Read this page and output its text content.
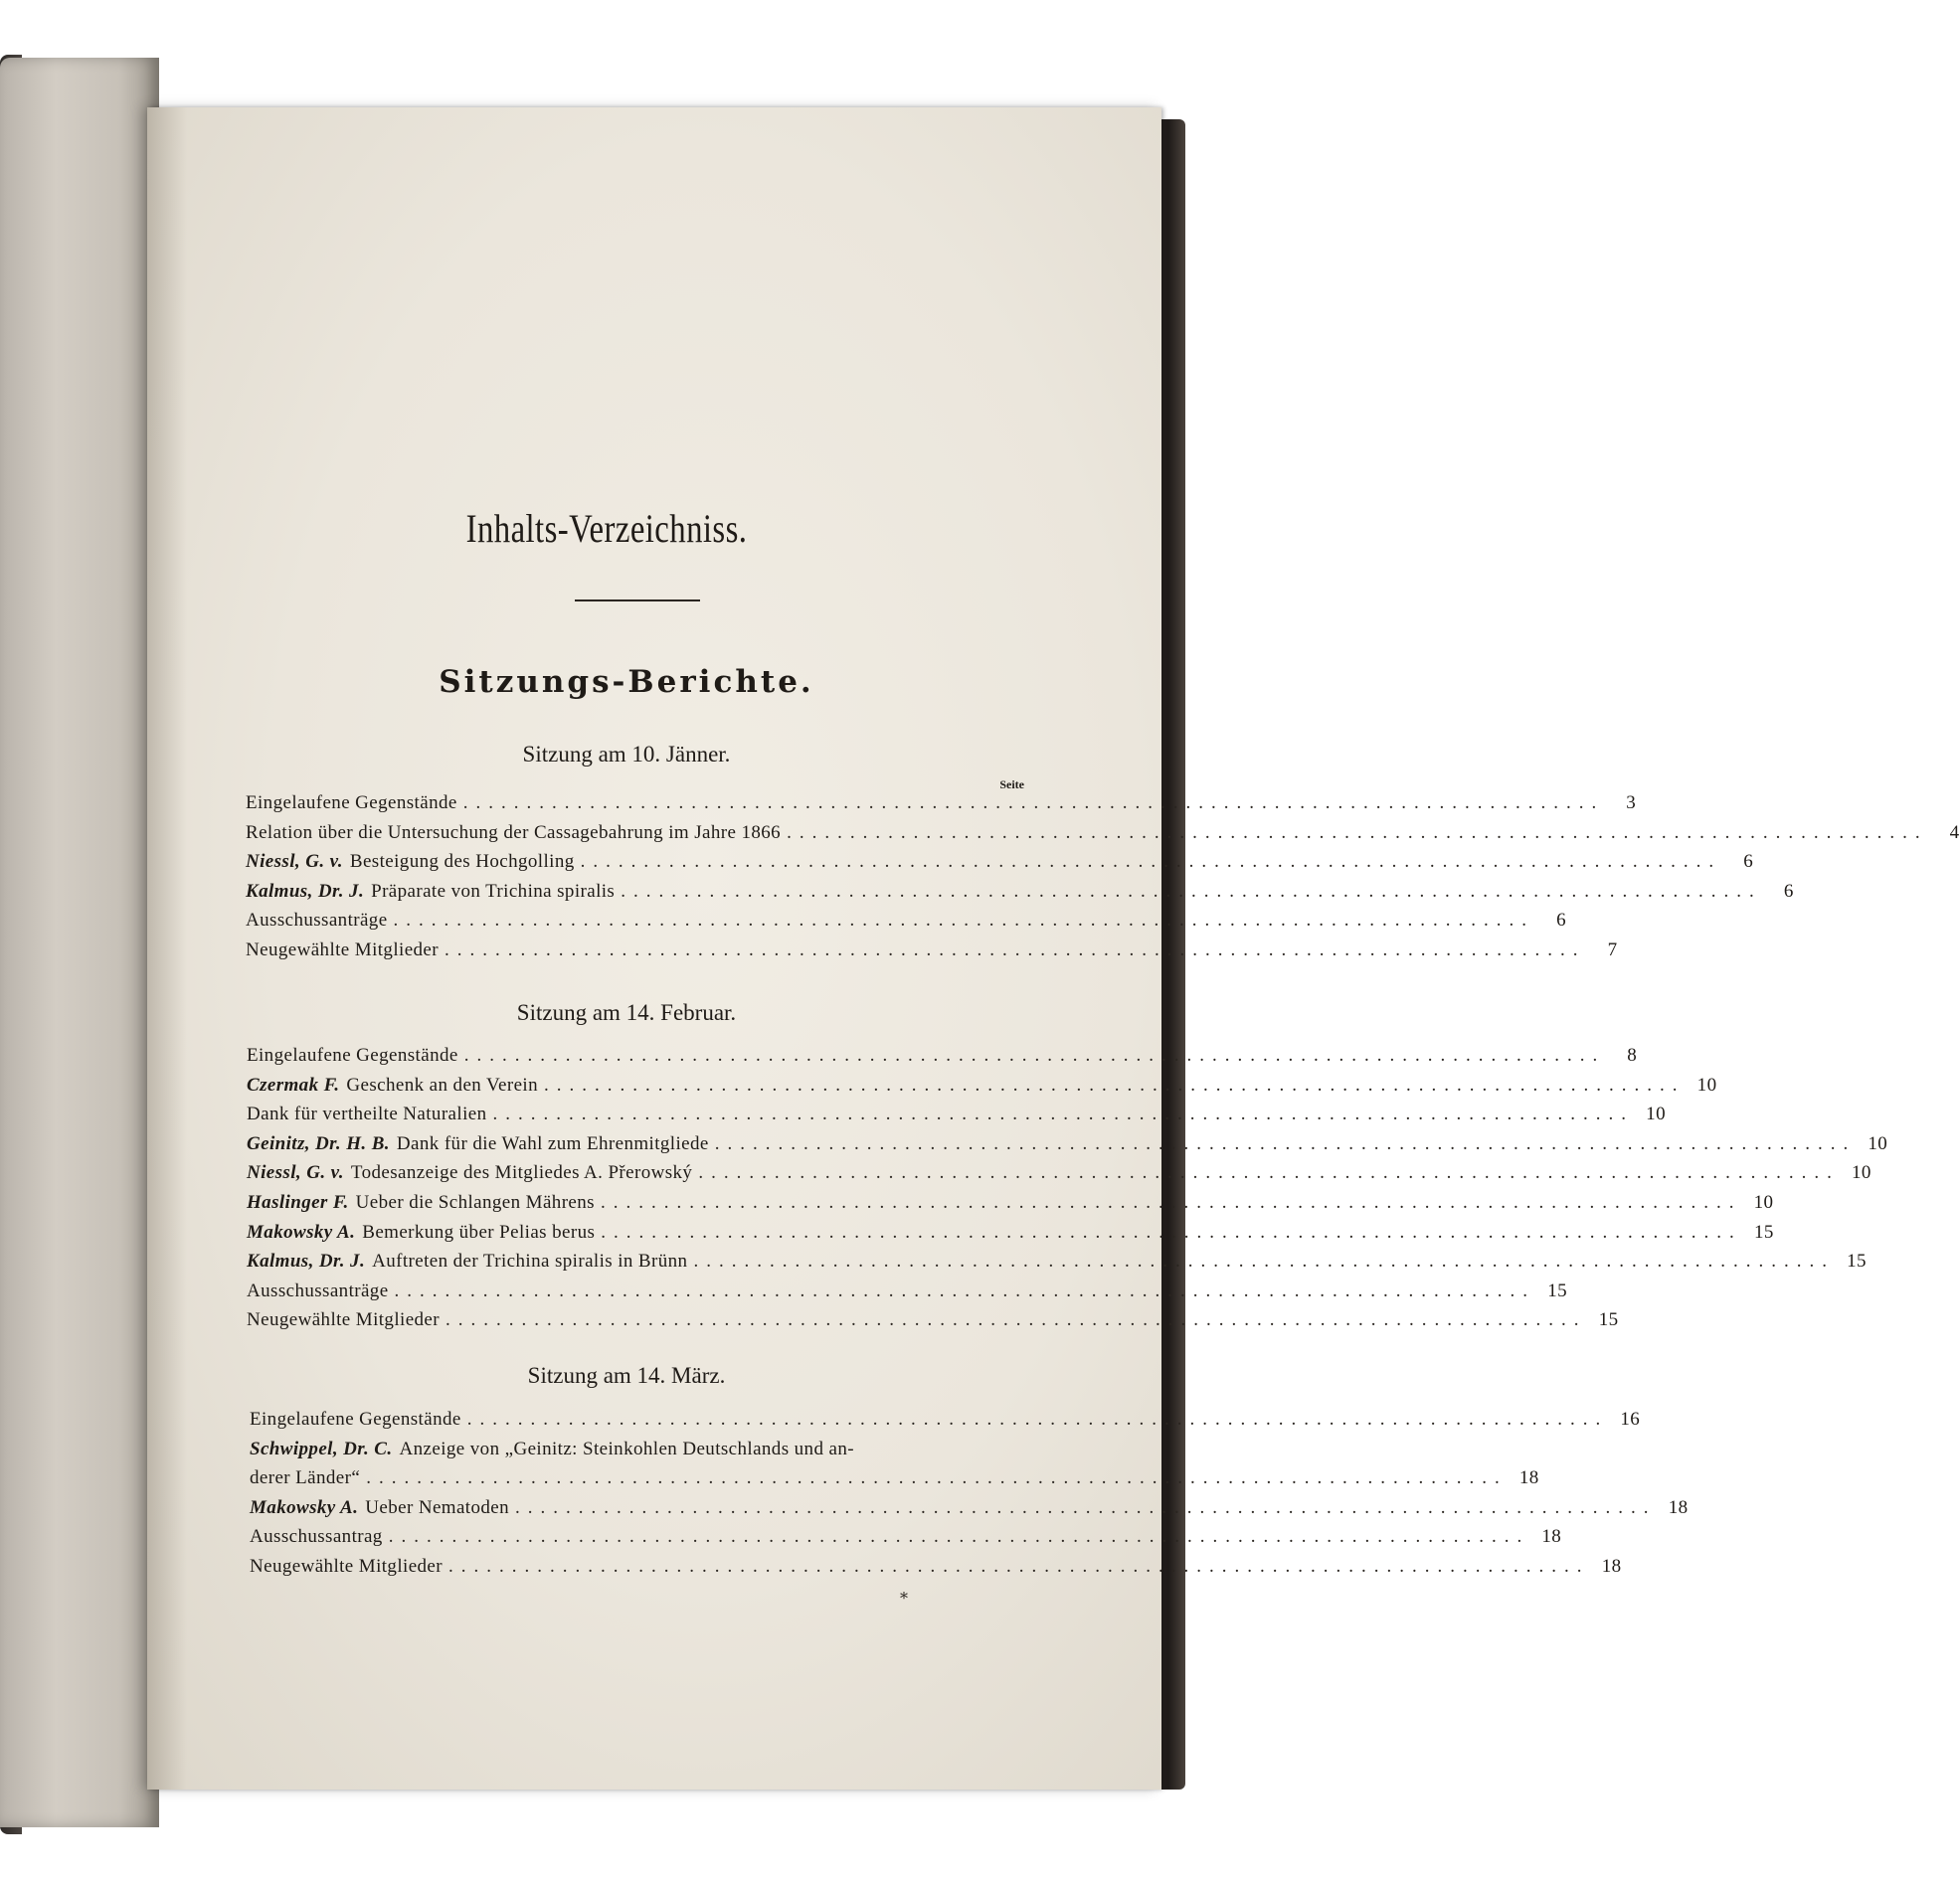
Inhalts-Verzeichniss.
Sitzungs-Berichte.
Sitzung am 10. Jänner.
Seite
Sitzung am 14. Februar.
Sitzung am 14. März.
Eingelaufene Gegenstände ..........................................................................................	3
Relation über die Untersuchung der Cassagebahrung im Jahre 1866 ..........................................................................................	4
Niessl, G. v. Besteigung des Hochgolling ..........................................................................................	6
Kalmus, Dr. J. Präparate von Trichina spiralis ..........................................................................................	6
Ausschussanträge ..........................................................................................	6
Neugewählte Mitglieder ..........................................................................................	7
Eingelaufene Gegenstände ..........................................................................................	8
Czermak F. Geschenk an den Verein .......................................................................................... 10
Dank für vertheilte Naturalien .......................................................................................... 10
Geinitz, Dr. H. B. Dank für die Wahl zum Ehrenmitgliede .......................................................................................... 10
Niessl, G. v. Todesanzeige des Mitgliedes A. Přerowský .......................................................................................... 10
Haslinger F. Ueber die Schlangen Mährens .......................................................................................... 10
Makowsky A. Bemerkung über Pelias berus .......................................................................................... 15
Kalmus, Dr. J. Auftreten der Trichina spiralis in Brünn .......................................................................................... 15
Ausschussanträge .......................................................................................... 15
Neugewählte Mitglieder .......................................................................................... 15
Eingelaufene Gegenstände .......................................................................................... 16
Schwippel, Dr. C. Anzeige von „Geinitz: Steinkohlen Deutschlands und an-
derer Länder“ .......................................................................................... 18
Makowsky A. Ueber Nematoden .......................................................................................... 18
Ausschussantrag .......................................................................................... 18
Neugewählte Mitglieder .......................................................................................... 18
*
